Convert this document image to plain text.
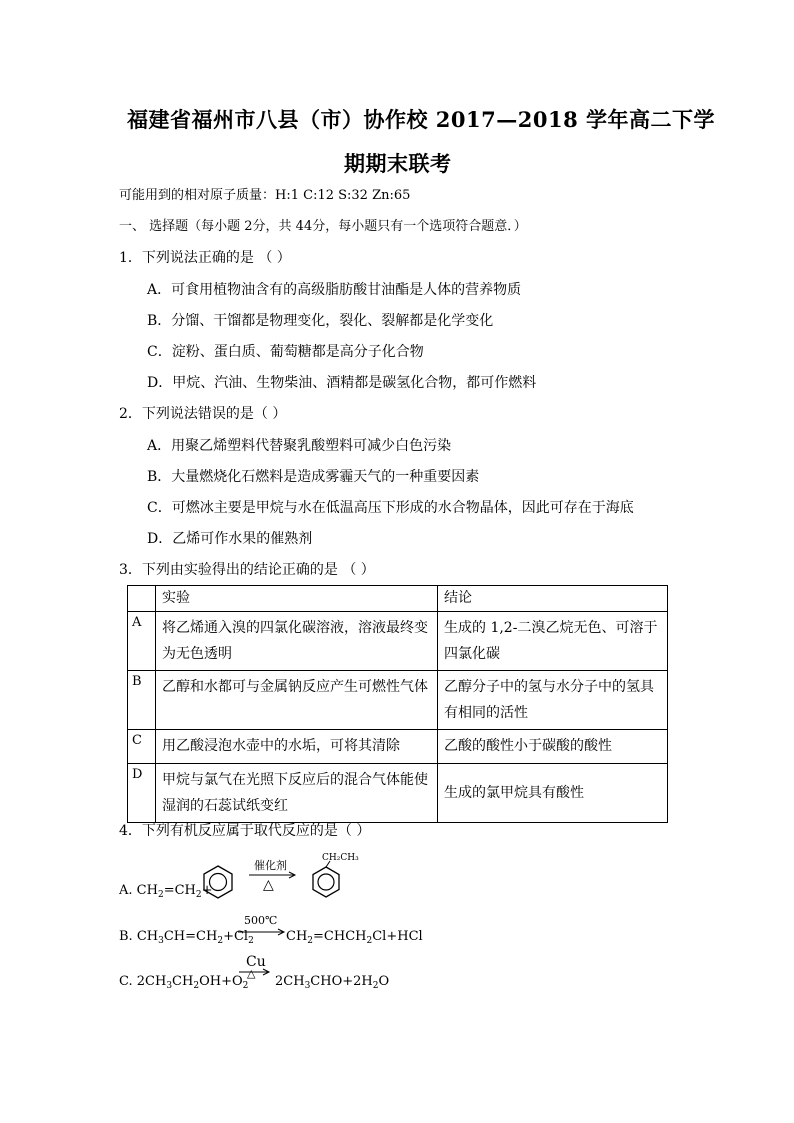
福建省福州市八县（市）协作校 2017—2018 学年高二下学
期期末联考
可能用到的相对原子质量：H:1 C:12 S:32 Zn:65
一、 选择题（每小题 2分，共 44分，每小题只有一个选项符合题意．）
1．下列说法正确的是 （ ）
A．可食用植物油含有的高级脂肪酸甘油酯是人体的营养物质
B．分馏、干馏都是物理变化，裂化、裂解都是化学变化
C．淀粉、蛋白质、葡萄糖都是高分子化合物
D．甲烷、汽油、生物柴油、酒精都是碳氢化合物，都可作燃料
2．下列说法错误的是（ ）
A．用聚乙烯塑料代替聚乳酸塑料可减少白色污染
B．大量燃烧化石燃料是造成雾霾天气的一种重要因素
C．可燃冰主要是甲烷与水在低温高压下形成的水合物晶体，因此可存在于海底
D．乙烯可作水果的催熟剂
3．下列由实验得出的结论正确的是 （ ）
	实验	结论
A	将乙烯通入溴的四氯化碳溶液，溶液最终变为无色透明	生成的 1,2-二溴乙烷无色、可溶于四氯化碳
B	乙醇和水都可与金属钠反应产生可燃性气体	乙醇分子中的氢与水分子中的氢具有相同的活性
C	用乙酸浸泡水壶中的水垢，可将其清除	乙酸的酸性小于碳酸的酸性
D	甲烷与氯气在光照下反应后的混合气体能使湿润的石蕊试纸变红	生成的氯甲烷具有酸性
4．下列有机反应属于取代反应的是（ ）
A. $CH_2=CH_2+$
催化剂
△
CH₂CH₃
B. $CH_3CH=CH_2+Cl_2$
500℃
→ $CH_2=CHCH_2Cl+HCl$
C. $2CH_3CH_2OH+O_2$
Cu
△
$2CH_3CHO+2H_2O$
